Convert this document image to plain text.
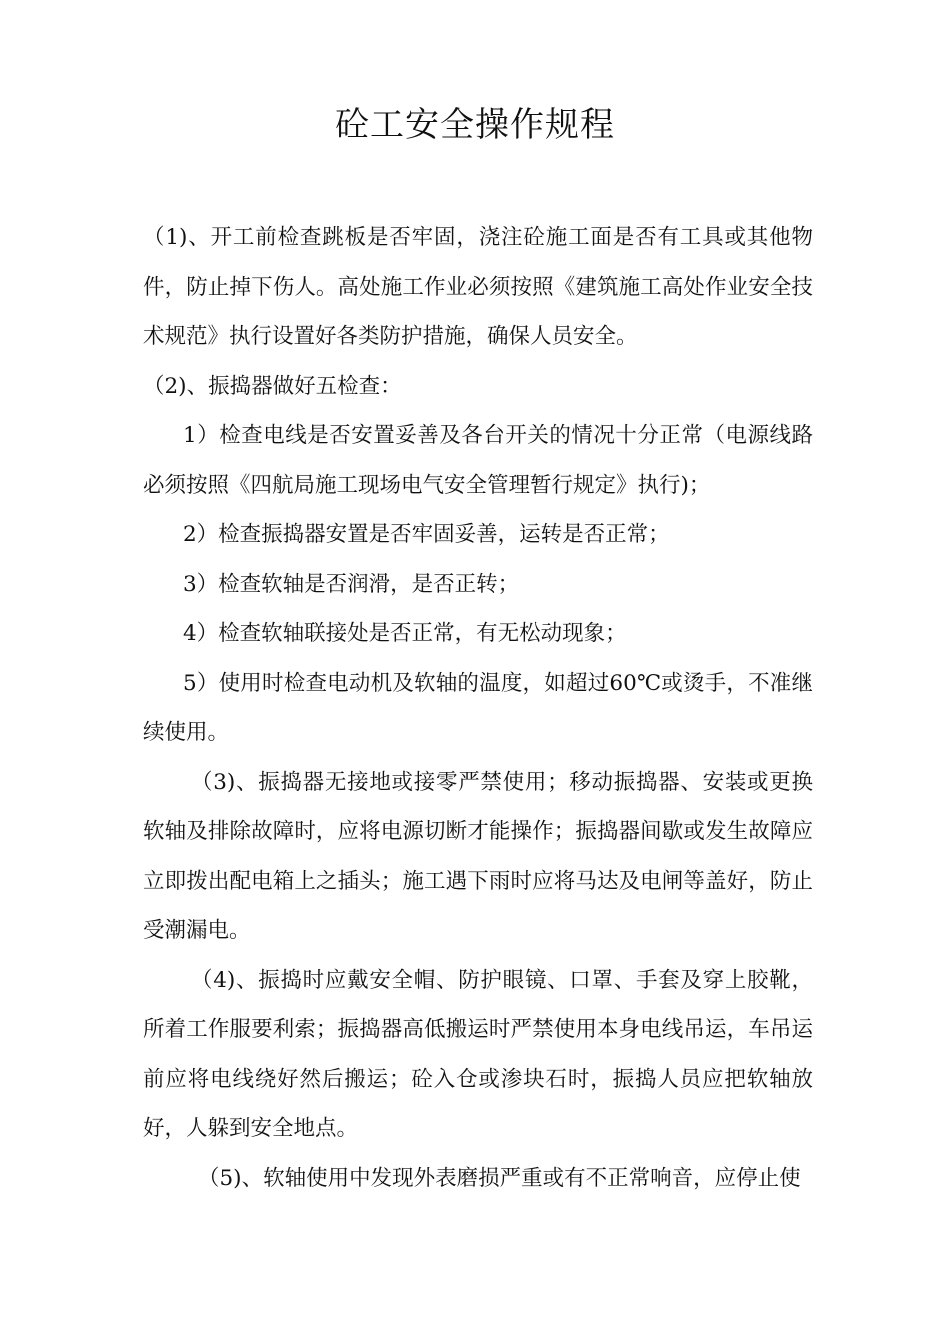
砼工安全操作规程

（1)、开工前检查跳板是否牢固，浇注砼施工面是否有工具或其他物件，防止掉下伤人。高处施工作业必须按照《建筑施工高处作业安全技术规范》执行设置好各类防护措施，确保人员安全。

（2)、振捣器做好五检查：

1）检查电线是否安置妥善及各台开关的情况十分正常（电源线路必须按照《四航局施工现场电气安全管理暂行规定》执行)；

2）检查振捣器安置是否牢固妥善，运转是否正常；

3）检查软轴是否润滑，是否正转；

4）检查软轴联接处是否正常，有无松动现象；

5）使用时检查电动机及软轴的温度，如超过60℃或烫手，不准继续使用。

（3)、振捣器无接地或接零严禁使用；移动振捣器、安装或更换软轴及排除故障时，应将电源切断才能操作；振捣器间歇或发生故障应立即拨出配电箱上之插头；施工遇下雨时应将马达及电闸等盖好，防止受潮漏电。

（4)、振捣时应戴安全帽、防护眼镜、口罩、手套及穿上胶靴，所着工作服要利索；振捣器高低搬运时严禁使用本身电线吊运，车吊运前应将电线绕好然后搬运；砼入仓或渗块石时，振捣人员应把软轴放好，人躲到安全地点。

（5)、软轴使用中发现外表磨损严重或有不正常响音，应停止使
